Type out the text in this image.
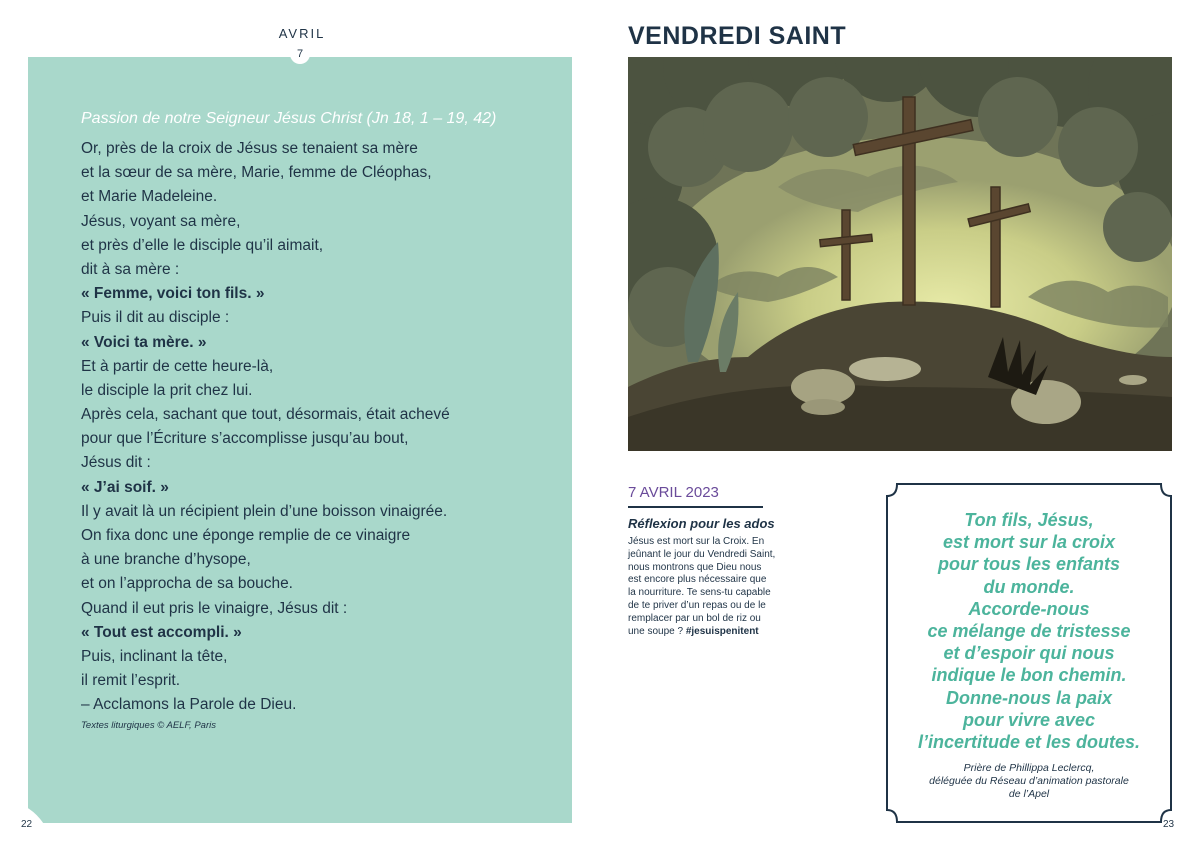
AVRIL
7
Passion de notre Seigneur Jésus Christ (Jn 18, 1 – 19, 42)
Or, près de la croix de Jésus se tenaient sa mère
et la sœur de sa mère, Marie, femme de Cléophas,
et Marie Madeleine.
Jésus, voyant sa mère,
et près d’elle le disciple qu’il aimait,
dit à sa mère :
« Femme, voici ton fils. »
Puis il dit au disciple :
« Voici ta mère. »
Et à partir de cette heure-là,
le disciple la prit chez lui.
Après cela, sachant que tout, désormais, était achevé
pour que l’Écriture s’accomplisse jusqu’au bout,
Jésus dit :
« J’ai soif. »
Il y avait là un récipient plein d’une boisson vinaigrée.
On fixa donc une éponge remplie de ce vinaigre
à une branche d’hysope,
et on l’approcha de sa bouche.
Quand il eut pris le vinaigre, Jésus dit :
« Tout est accompli. »
Puis, inclinant la tête,
il remit l’esprit.
– Acclamons la Parole de Dieu.
Textes liturgiques © AELF, Paris
22
VENDREDI SAINT
7 AVRIL 2023
Réflexion pour les ados
Jésus est mort sur la Croix. En
jeûnant le jour du Vendredi Saint,
nous montrons que Dieu nous
est encore plus nécessaire que
la nourriture. Te sens-tu capable
de te priver d’un repas ou de le
remplacer par un bol de riz ou
une soupe ? #jesuispenitent
Ton fils, Jésus,
est mort sur la croix
pour tous les enfants
du monde.
Accorde-nous
ce mélange de tristesse
et d’espoir qui nous
indique le bon chemin.
Donne-nous la paix
pour vivre avec
l’incertitude et les doutes.
Prière de Phillippa Leclercq,
déléguée du Réseau d’animation pastorale
de l’Apel
23
